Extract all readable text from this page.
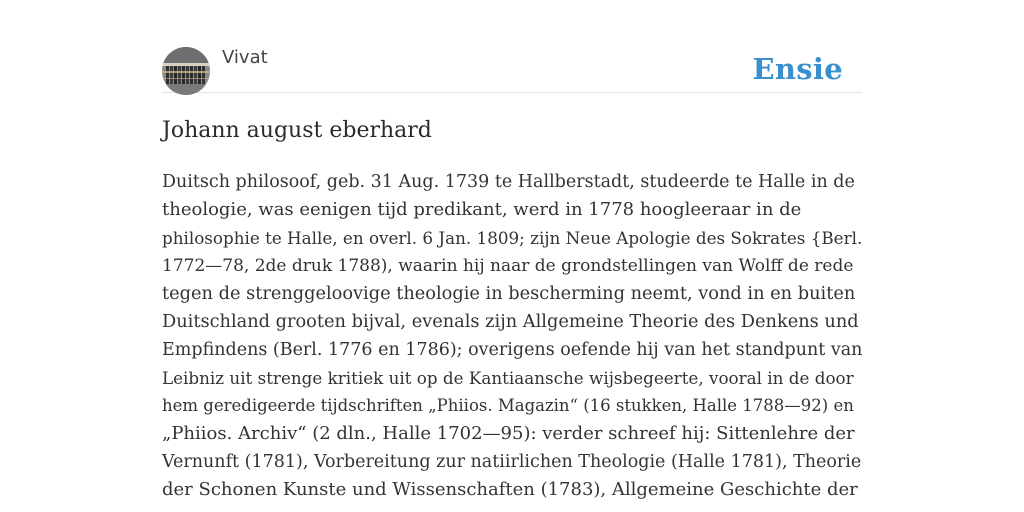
Vivat	Ensie
Johann august eberhard

Duitsch philosoof, geb. 31 Aug. 1739 te Hallberstadt, studeerde te Halle in de
theologie, was eenigen tijd predikant, werd in 1778 hoogleeraar in de
philosophie te Halle, en overl. 6 Jan. 1809; zijn Neue Apologie des Sokrates {Berl.
1772—78, 2de druk 1788), waarin hij naar de grondstellingen van Wolff de rede
tegen de strenggeloovige theologie in bescherming neemt, vond in en buiten
Duitschland grooten bijval, evenals zijn Allgemeine Theorie des Denkens und
Empfindens (Berl. 1776 en 1786); overigens oefende hij van het standpunt van
Leibniz uit strenge kritiek uit op de Kantiaansche wijsbegeerte, vooral in de door
hem geredigeerde tijdschriften „Phiios. Magazin“ (16 stukken, Halle 1788—92) en
„Phiios. Archiv“ (2 dln., Halle 1702—95): verder schreef hij: Sittenlehre der
Vernunft (1781), Vorbereitung zur natiirlichen Theologie (Halle 1781), Theorie
der Schonen Kunste und Wissenschaften (1783), Allgemeine Geschichte der
